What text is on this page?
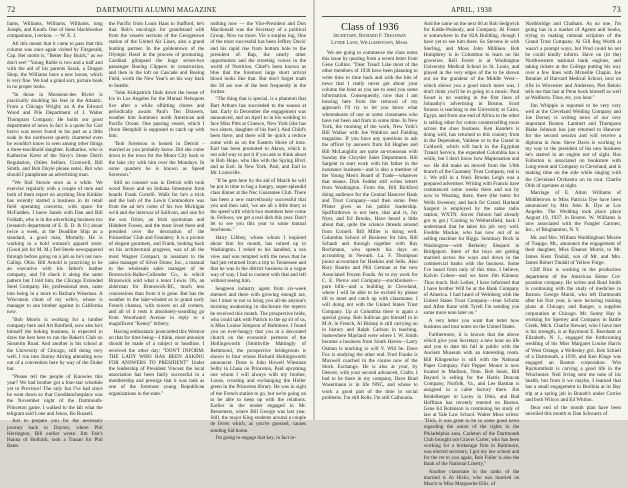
72	DARTMOUTH ALUMNI MAGAZINE

liams, Williams, Williams, Williams, long Joseph, and Knuth. One of these blackbooker companions, I reckon. — W. E. J.

All this meant that it came to pass that this column was once again visited by Fitzgerald, Cap. Her motto is, "Better Buy Buick," as we don't see! "Young Ruble is two and a half and with the aid of his parents Sarah, a Dragon Shop, the Williams have a new house, which is very fine. We had a grand sort, picture book in no proper looks.

"In those in Monsieur-des Rivier is practically doubling his fees in the Atlantic. From a Chicago Wright; an A the Edward Wood and Pile Department of J. Walter Thompson Company. He holds our good department of news in fact is a quote for Carl bravo was never found in his part as a little soak in the northwest quietly chartered even he wouldn't know in seen among other things a three-touchhold daughter. Katharine, who is Katherine Krest of the Navy's Stone Dutch Regulation, (Stiles Sellner, Cromwell, Bill Smith, and Bob Doyle please note). But who should I paraphrase an advertising man.

"We find Stowle once as a while. We exercise regularly with a couple of men and both of them report no anything Don Kinkler has recently started a business in its retail field operating concerns, with space for McFadden. I knew Sands with Dan and Bill Foldath, who is in the advertising business too (research department of E. B. D. & O.) about twice a week, at the Deadline Ship as a standard, a good man, Mortally. He is working in a bold woman's apparel store. (Good job for M. M.) Ted Steele newspapered through before going on a job as he's not non-Gallup. Ohio. Bill Arnold is practicing to be an executive with his father's leather company, and I'd check it along the same pattern but I told him, the Chicago Extended Steel Company. He, professional men, came into being in a more to Barbara Wiseman. A Wisconsin chum of my wife's, whose is manager to sun brother against in California now.

"Bob Morris is working for a lumber company here and Art Bonfield, now also he's himself the boking business, is expected to draw the best here to run the Baker's Club on Sinsterin Road. And another is his school at the University of Chicago, still doing very well. I run into Jimmy Altring attending now out of a convention here by way of the Drake bar.

"Please tell the people of Knowles this year? We had brother got a four-star schedule yet to Province! The only fun I've had since he went down so that Gooddanchesplace was the November night of the Dartmouth-Princeton game. I walked to the lab what the teligram said Lone and Jenos, Bo Russell.

Just to prepare you for the necessary journey back to Dayton, where Phil Herrington, Bill earlier wrote. Jim Fair's Hanna of Hollrath, took a Tranan for Phil Bates

the Pacific from Louis Haas to Stafford, be's that. Bob's oncologic for grandstand with from the vessels sections of the Georgetown station of the United Air Lines, also a grand hunting partner. In the goldentown of the Olympic Hotel in the process of promoting. Cardinal glimpsed the huge seven-two passenger Boeing Clippers in construction, and then in the loft on Cascade and Boeing Field, worth the New Year's on his way back to Seattle.

"John Kirkpatrick finds down the house of Ice in Los Angeles for the Mutual Nelsquots live after a while ofhitting chores and periodically awaits Paul's Ten Drawers, weather him Summers north American and Pacific Ocean. One passing vessel, which I (from Hemphill is supposed to catch up with him.

"Bob Sorenson is hosted in Detroit - married as you probably know. Did she come down in the town for the Motor City back to the lake city with him over the Mondays. In some quarters he is known as Speed Sorenson."

Still on counsel was in Detroit with took wood floors and on Indiana limestone front boards Frank Cortelli. Walls for he's a trick and the lush of the Lewis Commodore was from the ad he's come of his two Michigan we'd and the interwar of Sullivan, and one for the son Orion, an Irish sportsman and Hidebert Fosses, and the most lived there and presided over the decoration of the Poinsettias' Club and Foundery. It is a picture of elegant gourmets, and Frank, looking back on his architectural progress, was of all the most Wagner Compact, to assistant to the sales manager of Silver Dome, Inc., a manual to the wholesale sales manager of he Brunswick-Balke-Collender Co., in which Brunswick sold what a tenor Lewis. Oh, an alderman for Brunswick-BC, much less concessions than from it is gone. But has the weather in the lake-winded as to grand early French chateau, with towers on all corners, and all of it rests it absolutely-sounding go from Woodward Avenue in reply to a magnificent "Kenny" bribery.

Having enthusiastic postcarded this Westcot on that for time being—I think, more amusion should be made of a subject or headline. I received the other day: "DON'T INFORM: THE LADY WHO HAS BEEN ASKING FOR ANSWERS TO PRESIDENT" Under the leadership of President Vincent the local association has been fairly successful in a membership and prestige that it was rank as one of the foremost young Republican organizations in the state."

nothing now — the Vice-President and Don Macdonald was the Secretary of a political Group. Now no more. Vie a surplus ing, One of the most successful has been Jeffrey Davis' and his rapid rise from bottom hole to the president of. Rap, the nearly other opportunists and the streeting voices in the world of Nutrition. Chief's been known as blue that the foremost large short arrival blood looks like that. But don't forget math the 38 are one of the best frequently in the Jordan.

"The thing that is special, is a phantom that Bart Arthurs has succeeded to the season at last. Early in December the engagement was announced, and on April to in his wedding to face Miss Pitts at Cruesco, New York (she has two sisters, daughter of his foes'). And Child's been there, and there will be quick a reduce some with us on the Eastern Shore of time. Earl has been promoted to Akron, which is not sold way to put it if you ask to think about in Bob Hope, who like with the Spring Blvd. and as Earl. In New York, Paul, and Earl in Mr. Louisville.

"If he gets here by the aid of March be will be put in time to bag a hungry, super-splendid class dinner at the Noc Guarantee Club. There has been a new marvellously successful that you and then said, 'we are all a little blury at the speed with which two members here come in. Fellows, we get a real dish this year. Don't let to see you this year to some mutual luncheons."

Harry Libbey, whose whom I inquired about him for month, has turned up in Washington. I relied to his handled, a son view and was tempted with the news that he had just returned from a trip to Tennessee and that he was in the district business in a vague way of way. I had to content with that and left without seeing him.

Seagreen industry agent from six-week shemeri and there with growing enough are, but I must to not to bring you all-do anyone's morning awakening in disclosure the repetro he received this month. The prospective bride, who could talk with Patrick to the up sit of us, is Miss Louise Simpson of Baltimore. I found you on ever-hungry that you at a decorated church on the economic pertness of the Hollingsworth (Smithville Mattingly of Rethmond, the prospective bridegroom is shown in four whose Richard Hollingsworth announcer. Done is John Howell Wiesman Selby in Lhasa on Princeton, Paid upcoming one whom I will always with my brother, Louse, crossing and exchanging the Holler green in the Princeton library. He was in sight of the French station to go, but we're going on to be able to keep up with the relations. Earlier in the tender engaged in Mr. Bessemers, where Bill George was last year. Still, the major King students around a couple de livres which, as you've guessed, causes sending Sid home.

I'm going to engage that key, in fact re-

APRIL, 1938	73
Class of 1936
Secretary, Richard F. Treadway
Lynde Lane, Williamstown, Mass.

We are going to commence the class notes this issue by quoting from a recent letter from Gene Collins: "Dear Tread: Like most of the other members of 1936 have been planning to write time to time back and with the bits of news that I really never get about your column the least as you see to send you some information. Consequently, now that I am bossing here from the removal of my approach I'll try to let you know what whereabouts of one or some classmates who have not been and from to some time. In New York, the morning of the work, New York's Bill Walker with Joe Waldron and Fielding magazine. If you have any questions to ask the officer by answers from Ed Hughes and Bill McLaughlin are quite an-trousseau with Sunday the Chrysler Sales Department. Bill Sargent to start work with his father in the insurance business—and is also a member of the Young Men's Board of Trade—whatever that means. Dick Fedder still writes letters from Washington. From the, Bill Bickford doing audience for the Central Hanover Bank and Trust Company—and then some. Pete Pfister gives us his public leadership. Spoffordtown is not here, that and is, Jay Nyer, and Ed Brooks, Have heard a little about that, quite the science threads around from Cornell. Bill Miller is doing well. Columbia School of Business for him, Bill Schaub and through together with Ray Rochmann, who spends his days on accounting in Newark. La. F. Thompson junior accountant for Haskins and Sells. Also Rory Beattie and Phil Getman at the new Associated Frozen Foods. As to my work for C. E. Pierce and Company—stockbrokers—pure bills—and a building in Cleveland, where I will be able to be excited by please till to meet and catch up with classmates. I will doing not with the United States Trust Company. Up at Columbia there is again a special group. Bob Sullivan got himself in in M.A. in French, Al Bishop is still carrying on in history and Ralph Carlson in teaching. Somewhere Mayland were where I. W. Smith became a business from South Haven—Larry Osmun is teaching to will V. Will be. Dave Fox is studying the other end. Fred Franks is Maxwell coached in the course now of the Stock Exchange. He is also at your, by Denver, with your second advanced, Crafts, I had to be there in my company, Dave Brad Wasermann is in life NNC, and whose to work a good part of the time in social problems. I'm still Rolls. I'm still Calhounia.

And the same on the next 60 at Rob Sedgwick for Kidde-Peabody, and Company. Al Foster is somewhere in the 82A Building, though I have yet to see him there. So Stevens in with Sterling, and Moss John Milliken. Bob Humphrey is in Columbus to learn on his groceries. Rell Ferrer is at Washington University Medical School in St. Louis, and played in the very edges of the to be shown out on the grandeur of the Middle West—which shows you a good much more was, I don't think you'll be in going to a music. Paul Swart is no wasting in the first lines of Johnathy's advertising in Boston. Scott Strauss is teaching to the University at Cairo, Egypt, and from one end of Africa to the other is selling other for cotton counterselling tours across the shoe business. Ken Kanders is doing well, has returned to this country from in the Dependent, Valdene or to the Grand in Caldwell, which will back in the Egyptian Transit Service, the expended Columbia has a while, but I don't know how Maplenation and we. He did make an moved from the 1/6th branch of the Guaranty Trust Company, real is 1. We still in a fried. Brooks Leigh was a prepared advertiser. Writing with Francis have commenced some weeks there and out by now to Wearing, there, there (the latest for Wells Sweeney, and back for Grand. Harland Sargent is employed by the same radio station, WXTN. Stover Osborn had already got to get.) 'Coming to Wethersfield, back I understand that he takes his job very well. Freddie Mackie, who has now out of as selling machine for Riggs. Seminary Rock in Washington—with Berkeley Shepard in Bridgeport. Stern of the boys are getting married across the ways and down in the commercial banks with the business. Some I've heard from only of this time. I believe, Kalvin Cohen—and we have Jim Kinnear. Thus much. Bob Leiber, I have informed that I have brother Will be at the Bank Company of America. I had heard of Weinberg with the United States Trust Company—Jean Schultz and Allen Kane with Tyrell I'm sending you some more note later on."

A very letter you want that letter how business and tour notes on the United States.

Furthermore, it is known that the above which give your Secretary a new hour on life and you to date his fall in public with the Ancient Museum with an interesting room. Bill Klingenrise is still with the National Paper Company. Fair Pepper Mount is now located in Madison, Tenn. Bob Sears, Bill Bayard is selling for the Harris Duncan Company, Norfolk, Va., and Lee Bastian is assigned in a cable factory there. Jim Reidelberger in Lacey in Ohio, and Bud Hoffman has recently entered on Boston. Gene Ed Robinson is continuing his study of law at Yale Law School. Walter Moss writes: "Dick, it was great to be in some good news regarding the union of the rights in the Philadelphia area. Carleton of the Dartmouth Club brought not Graver Carter, who has been working for a brokerage firm in Baltimore, was elected secretary. I got my law school and for the ret to you again, Bob Fuller is also the Bank of the National Liberty,"

Another classmate in the ranks of the married is Al Hicks, who was married on March to Miss Marguerite Ellis. of

Northbridge and Chatham. As no one, I'm going has in a market of Agents and hooks, trying to making rational scription of the Grand Trust Company. Al Gill Reg Worth at wasn't a prompt ways, but Prud could he not be could kindly inform. Have on (in the) Northwestern national bank engines, and taking tickets at the College putting his way over a few lines with Mcneille Chapin. Joe Bonnier of Harvard Medical School, next on rifle in Worcester and Anderson, Piet Belolo tells me that last at Penn book himself as well as Wallhorn. Thus, etc, you hear."

Jim Whipple is reported to be very very well at the Cleveland Welding Company and Joe Dorsey is writing news of our very important Boston. Lambert and Thompson Blake Johnson has just returned to Hanover for the second session and will receive a diploma in June. Steve Davis is working to my way to the president of his new business he's started in an engine not of sight. Ros Fullerton is associated on bookstore with Long-mont and Company in Cleveland, and is making time on the side while singing with the Cleveland Orchestra on its tour. Charlie Olds of operates at night.

Marriage of E. Alton Williams of Middletown to Miss Patricia Dye have been announced by Mrs John R. Dye at Los Angeles. The Wedding took place place August 19, 1937, in Boston. W. Williams is now associated with the Fungler Carmen, Inc., of Binghamton, N. Y.

Mr. and Mrs. William Waddingham Mosrie of Tuapge, Mt., announce the engagement of their daughter, Miss Eleanor Morris, to Mr. James Kent Tindall, son of Mr. and Mrs. James Robert Tindall of Yellow Forge.

Cliff Rice is working in the production department of the American Home Cor-poration company. He writes and Brad Smith is continuing with the study of medicine in Boston. George Marsh, who left Dartmouth after his first year, is now lecturing training plans at Chicago, and Ranger, a supplies corporation at Chicago. Mr. Sonny Hay is working for Sperrey and Company in Battle Creek, Mich. Charlie Stewart, who I have met is his strength, is at Raymond E. Burnham at Elizabeth, N. J., engaged the forthcoming wedding of his Miss Margaret Louise Harris of West Orange, a Wellesley girl. Bob Schiell of a Dartmouth, a 1939, and Ken Kluge was engaged an Boston corporation. Wm Rayburntholz is carving a good life in the Winchester. Neil Irving sent me note of his health, but from it we maybe, I learned that has a small engagement in Brolinia at its Bay trip at a spring job in Brandt's under Cortiss and both Wilcox and Ed Whiton.

Dear end of the month plan have been unveiled this month to Dan Schwartz of
